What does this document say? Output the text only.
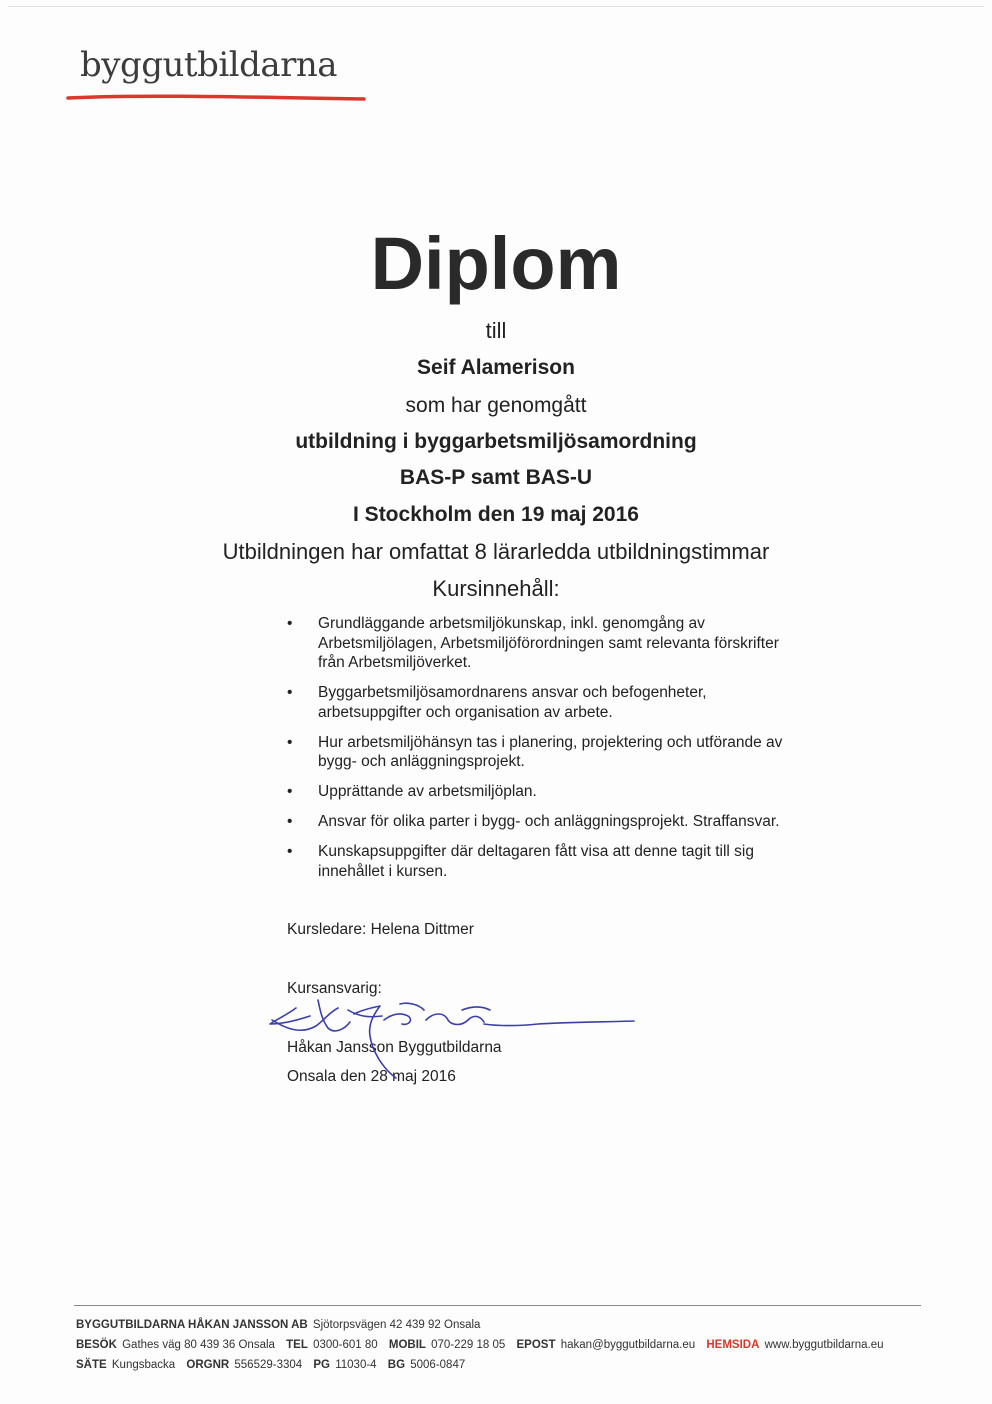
byggutbildarna
Diplom
till
Seif Alamerison
som har genomgått
utbildning i byggarbetsmiljösamordning
BAS-P samt BAS-U
I Stockholm den 19 maj 2016
Utbildningen har omfattat 8 lärarledda utbildningstimmar
Kursinnehåll:
• Grundläggande arbetsmiljökunskap, inkl. genomgång av
Arbetsmiljölagen, Arbetsmiljöförordningen samt relevanta förskrifter
från Arbetsmiljöverket.
• Byggarbetsmiljösamordnarens ansvar och befogenheter,
arbetsuppgifter och organisation av arbete.
• Hur arbetsmiljöhänsyn tas i planering, projektering och utförande av
bygg- och anläggningsprojekt.
• Upprättande av arbetsmiljöplan.
• Ansvar för olika parter i bygg- och anläggningsprojekt. Straffansvar.
• Kunskapsuppgifter där deltagaren fått visa att denne tagit till sig
innehållet i kursen.
Kursledare: Helena Dittmer
Kursansvarig:
Håkan Jansson Byggutbildarna
Onsala den 28 maj 2016
BYGGUTBILDARNA HÅKAN JANSSON AB Sjötorpsvägen 42 439 92 Onsala
BESÖK Gathes väg 80 439 36 Onsala TEL 0300-601 80 MOBIL 070-229 18 05 EPOST hakan@byggutbildarna.eu HEMSIDA www.byggutbildarna.eu
SÄTE Kungsbacka ORGNR 556529-3304 PG 11030-4 BG 5006-0847
